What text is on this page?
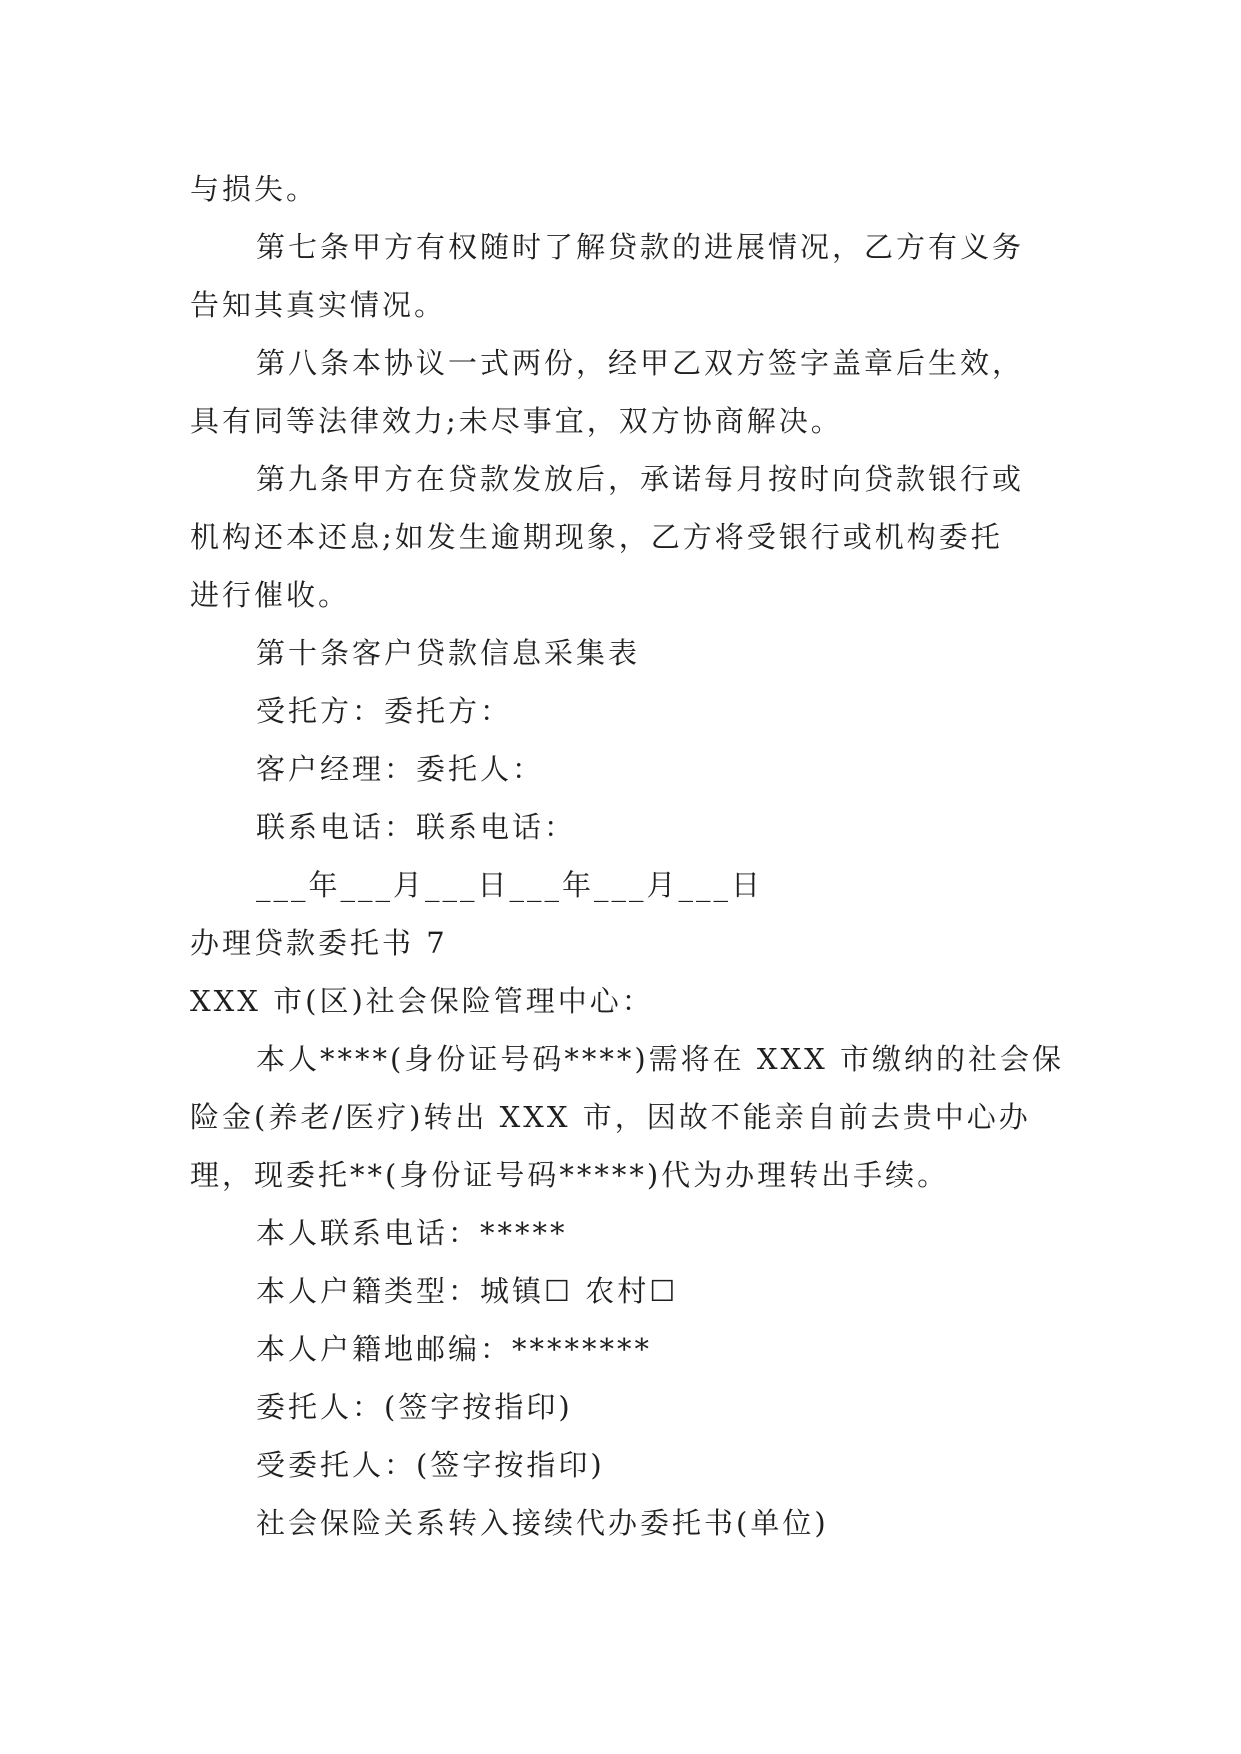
与损失。
第七条甲方有权随时了解贷款的进展情况，乙方有义务
告知其真实情况。
第八条本协议一式两份，经甲乙双方签字盖章后生效，
具有同等法律效力;未尽事宜，双方协商解决。
第九条甲方在贷款发放后，承诺每月按时向贷款银行或
机构还本还息;如发生逾期现象，乙方将受银行或机构委托
进行催收。
第十条客户贷款信息采集表
受托方：委托方：
客户经理：委托人：
联系电话：联系电话：
___年___月___日___年___月___日
办理贷款委托书 7
XXX 市(区)社会保险管理中心：
本人****(身份证号码****)需将在 XXX 市缴纳的社会保
险金(养老/医疗)转出 XXX 市，因故不能亲自前去贵中心办
理，现委托**(身份证号码*****)代为办理转出手续。
本人联系电话：*****
本人户籍类型：城镇☐ 农村☐
本人户籍地邮编：********
委托人：(签字按指印)
受委托人：(签字按指印)
社会保险关系转入接续代办委托书(单位)
